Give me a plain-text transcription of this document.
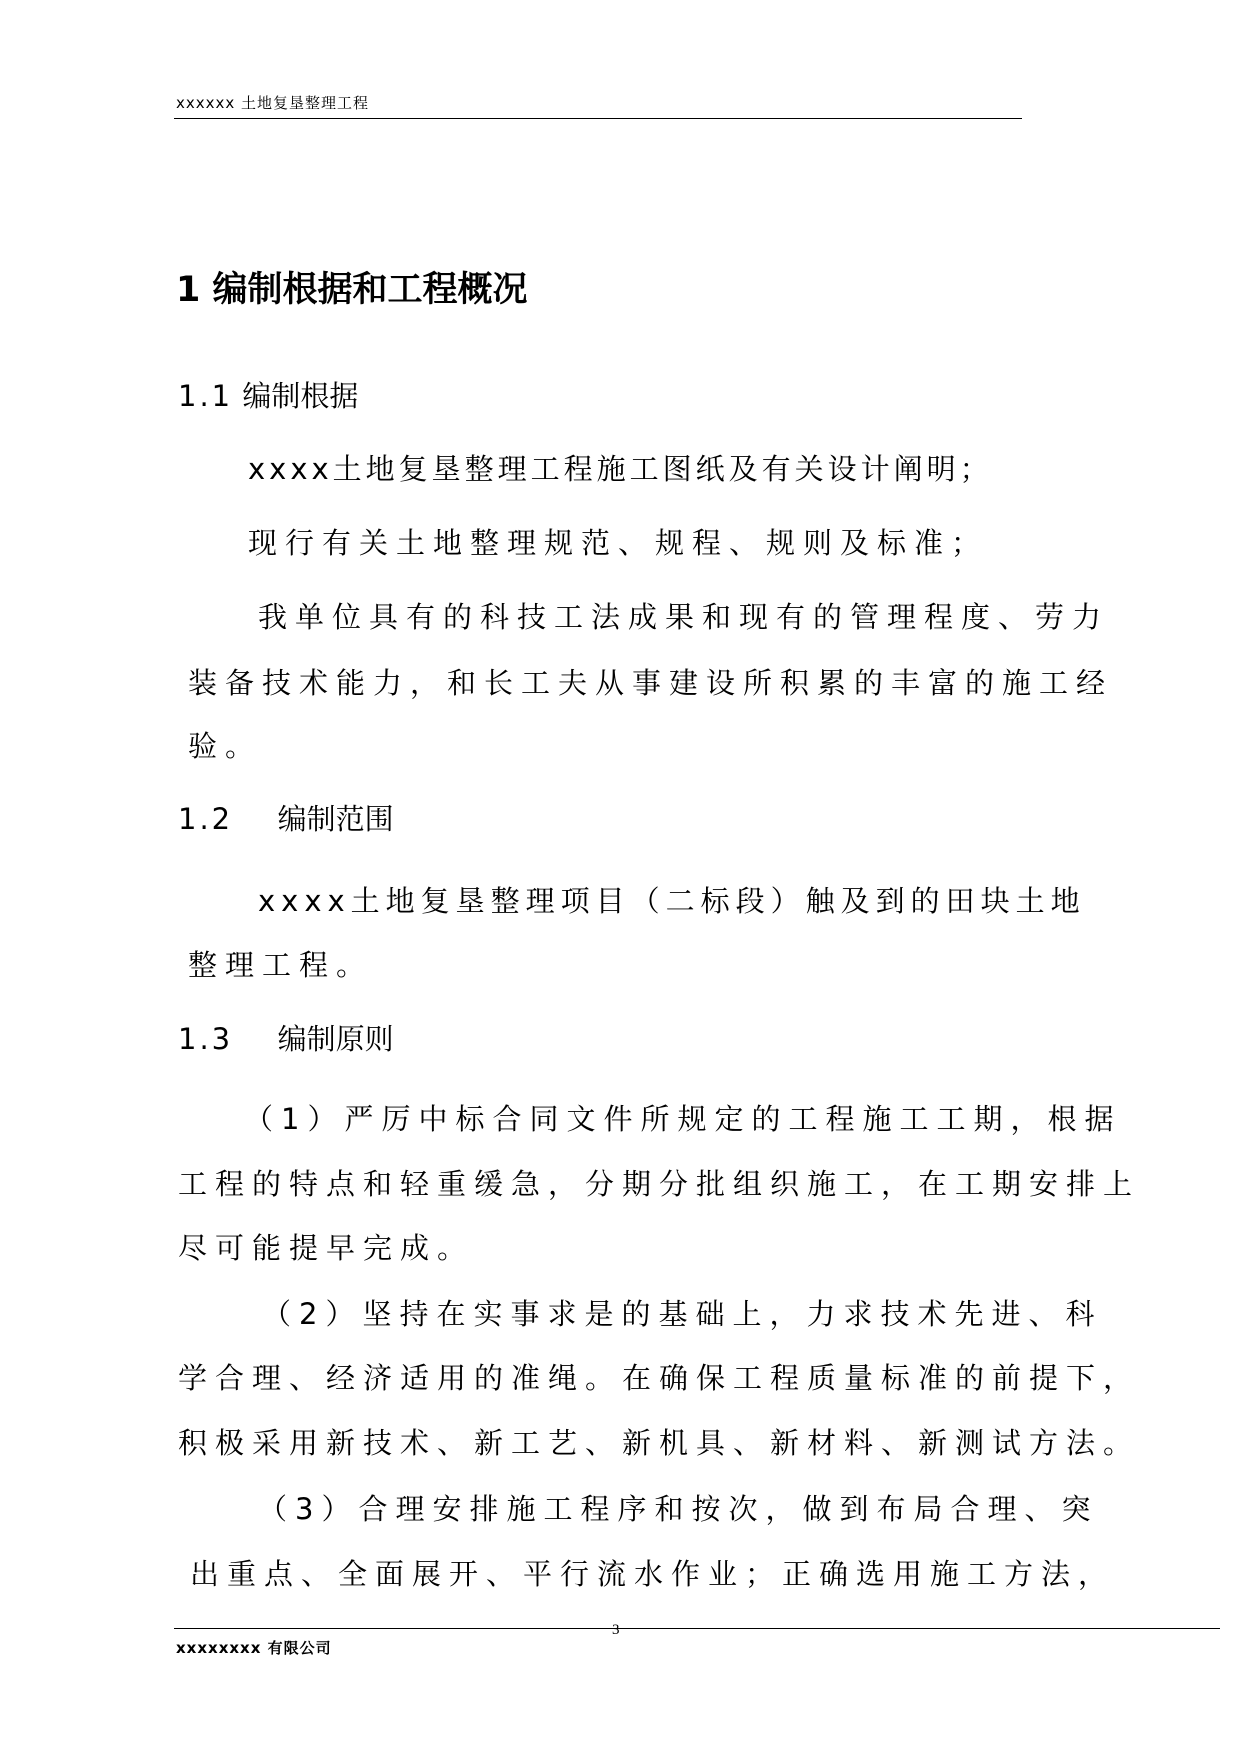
xxxxxx 土地复垦整理工程
1 编制根据和工程概况
1.1 编制根据
xxxx土地复垦整理工程施工图纸及有关设计阐明；
现行有关土地整理规范、规程、规则及标准；
我单位具有的科技工法成果和现有的管理程度、劳力
装备技术能力，和长工夫从事建设所积累的丰富的施工经
验。
1.2 编制范围
xxxx土地复垦整理项目（二标段）触及到的田块土地
整理工程。
1.3 编制原则
（1）严厉中标合同文件所规定的工程施工工期，根据
工程的特点和轻重缓急，分期分批组织施工，在工期安排上
尽可能提早完成。
（2）坚持在实事求是的基础上，力求技术先进、科
学合理、经济适用的准绳。在确保工程质量标准的前提下，
积极采用新技术、新工艺、新机具、新材料、新测试方法。
（3）合理安排施工程序和按次，做到布局合理、突
出重点、全面展开、平行流水作业；正确选用施工方法，
xxxxxxxx 有限公司
3
